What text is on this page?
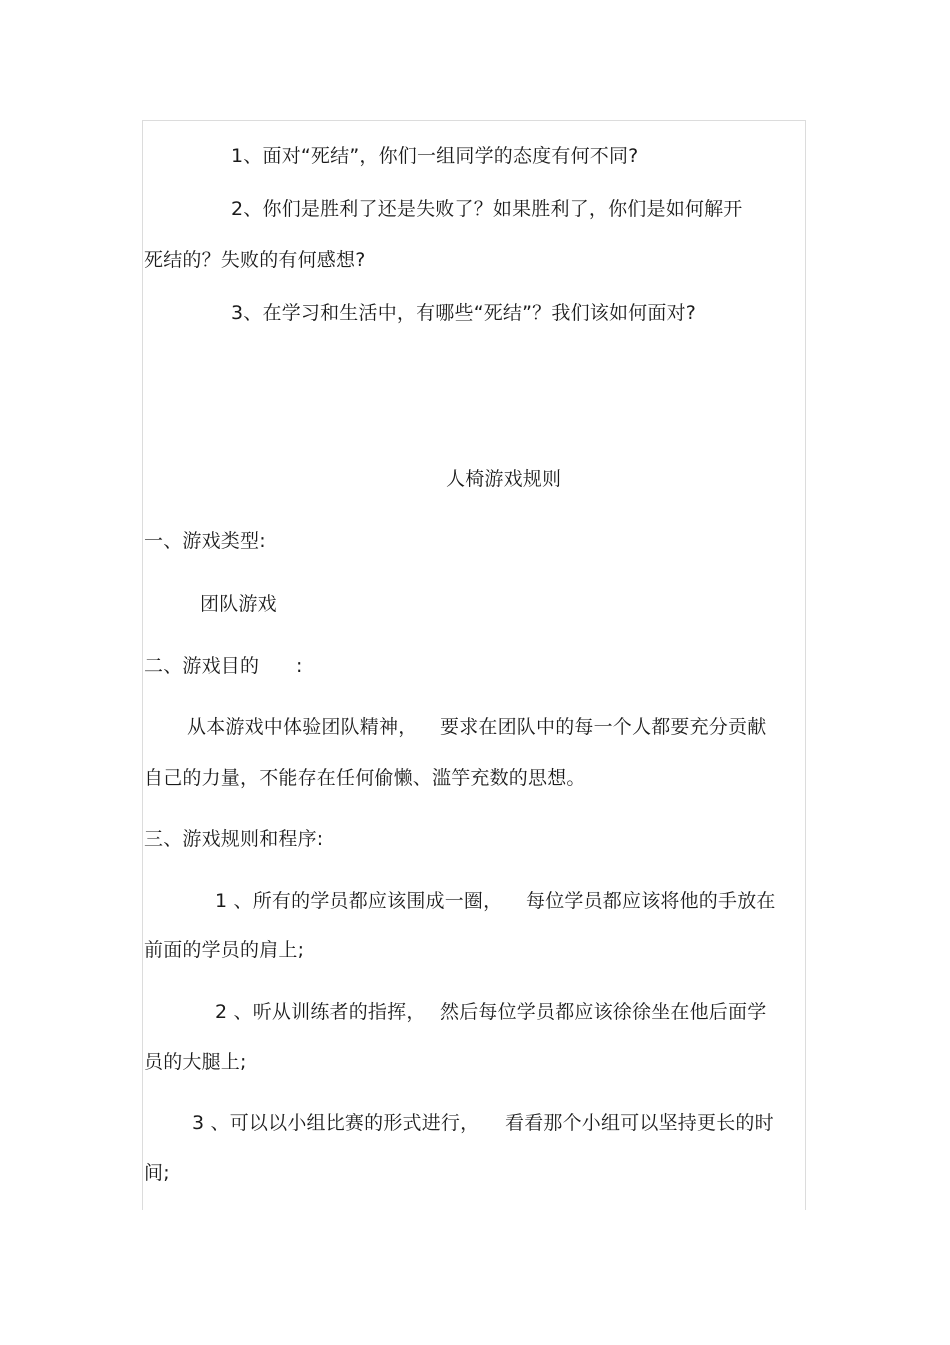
1、面对“死结”，你们一组同学的态度有何不同?
2、你们是胜利了还是失败了？如果胜利了，你们是如何解开
死结的？失败的有何感想?
3、在学习和生活中，有哪些“死结”？我们该如何面对?
人椅游戏规则
一、游戏类型:
团队游戏
二、游戏目的 :
从本游戏中体验团队精神， 要求在团队中的每一个人都要充分贡献
自己的力量，不能存在任何偷懒、滥竽充数的思想。
三、游戏规则和程序:
1 、所有的学员都应该围成一圈， 每位学员都应该将他的手放在
前面的学员的肩上;
2 、听从训练者的指挥， 然后每位学员都应该徐徐坐在他后面学
员的大腿上;
3 、可以以小组比赛的形式进行， 看看那个小组可以坚持更长的时
间;
